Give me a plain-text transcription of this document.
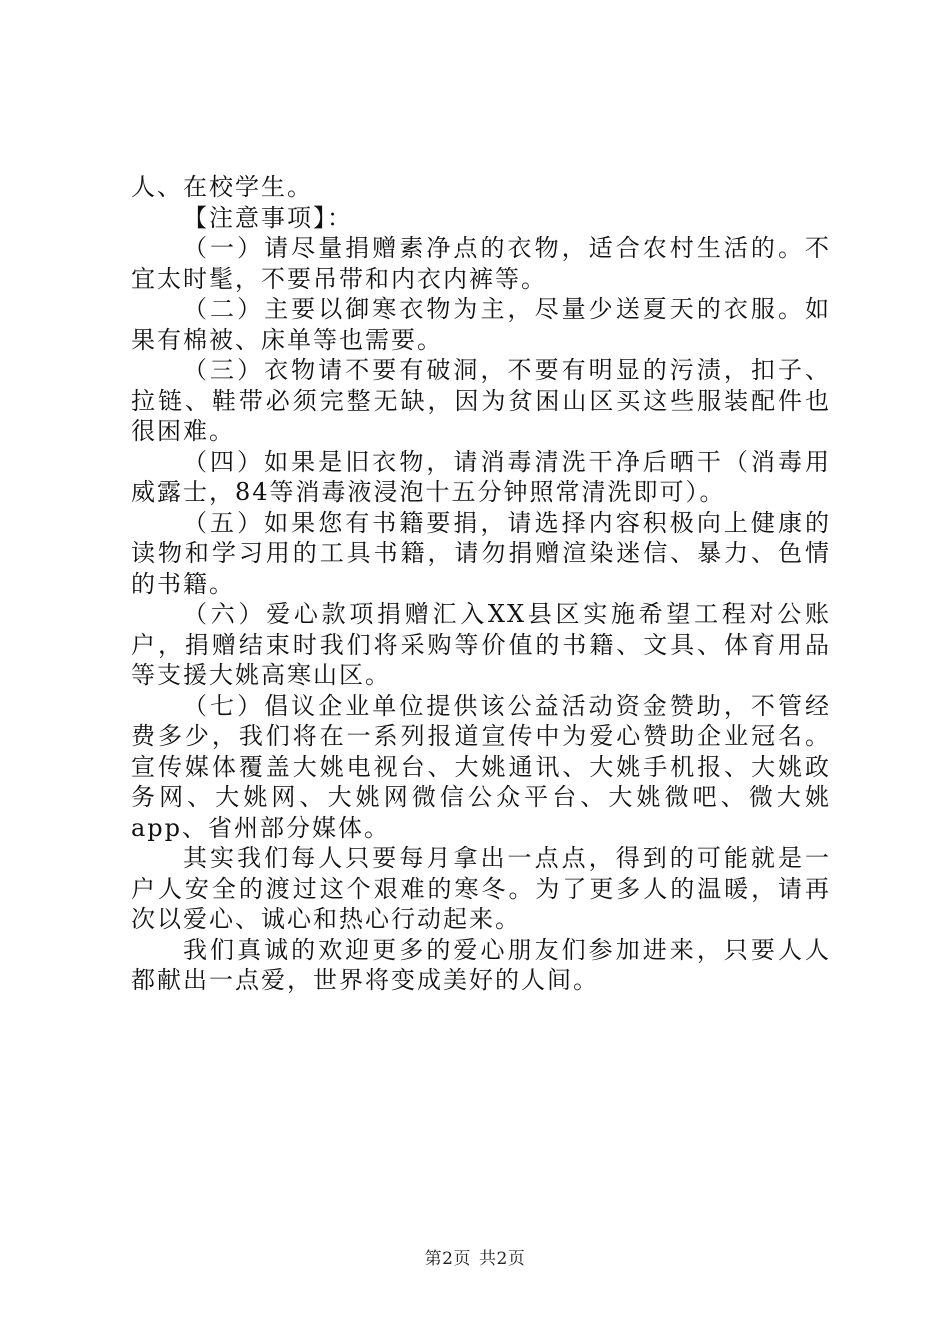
人、在校学生。

【注意事项】：

（一）请尽量捐赠素净点的衣物，适合农村生活的。不宜太时髦，不要吊带和内衣内裤等。

（二）主要以御寒衣物为主，尽量少送夏天的衣服。如果有棉被、床单等也需要。

（三）衣物请不要有破洞，不要有明显的污渍，扣子、拉链、鞋带必须完整无缺，因为贫困山区买这些服装配件也很困难。

（四）如果是旧衣物，请消毒清洗干净后晒干（消毒用威露士，84等消毒液浸泡十五分钟照常清洗即可）。

（五）如果您有书籍要捐，请选择内容积极向上健康的读物和学习用的工具书籍，请勿捐赠渲染迷信、暴力、色情的书籍。

（六）爱心款项捐赠汇入XX县区实施希望工程对公账户，捐赠结束时我们将采购等价值的书籍、文具、体育用品等支援大姚高寒山区。

（七）倡议企业单位提供该公益活动资金赞助，不管经费多少，我们将在一系列报道宣传中为爱心赞助企业冠名。宣传媒体覆盖大姚电视台、大姚通讯、大姚手机报、大姚政务网、大姚网、大姚网微信公众平台、大姚微吧、微大姚app、省州部分媒体。

其实我们每人只要每月拿出一点点，得到的可能就是一户人安全的渡过这个艰难的寒冬。为了更多人的温暖，请再次以爱心、诚心和热心行动起来。

我们真诚的欢迎更多的爱心朋友们参加进来，只要人人都献出一点爱，世界将变成美好的人间。

第2页 共2页
